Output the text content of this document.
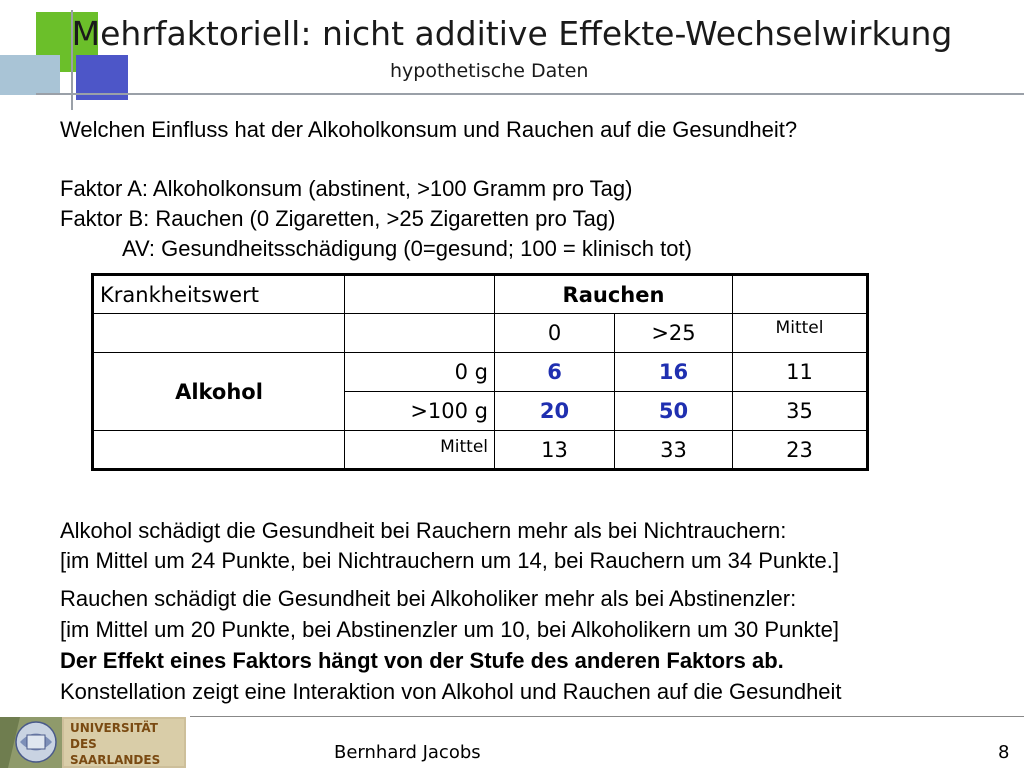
Mehrfaktoriell: nicht additive Effekte-Wechselwirkung
hypothetische Daten
Welchen Einfluss hat der Alkoholkonsum und Rauchen auf die Gesundheit?
Faktor A: Alkoholkonsum (abstinent, >100 Gramm pro Tag)
Faktor B: Rauchen (0 Zigaretten, >25 Zigaretten pro Tag)
AV: Gesundheitsschädigung (0=gesund; 100 = klinisch tot)
Krankheitswert		Rauchen		
		0	>25	Mittel
Alkohol	0 g	6	16	11
	>100 g	20	50	35
	Mittel	13	33	23
Alkohol schädigt die Gesundheit bei Rauchern mehr als bei Nichtrauchern:
[im Mittel um 24 Punkte, bei Nichtrauchern um 14, bei Rauchern um 34 Punkte.]
Rauchen schädigt die Gesundheit bei Alkoholiker mehr als bei Abstinenzler:
[im Mittel um 20 Punkte, bei Abstinenzler um 10, bei Alkoholikern um 30 Punkte]
Der Effekt eines Faktors hängt von der Stufe des anderen Faktors ab.
Konstellation zeigt eine Interaktion von Alkohol und Rauchen auf die Gesundheit
UNIVERSITÄT
DES
SAARLANDES	Bernhard Jacobs	8
